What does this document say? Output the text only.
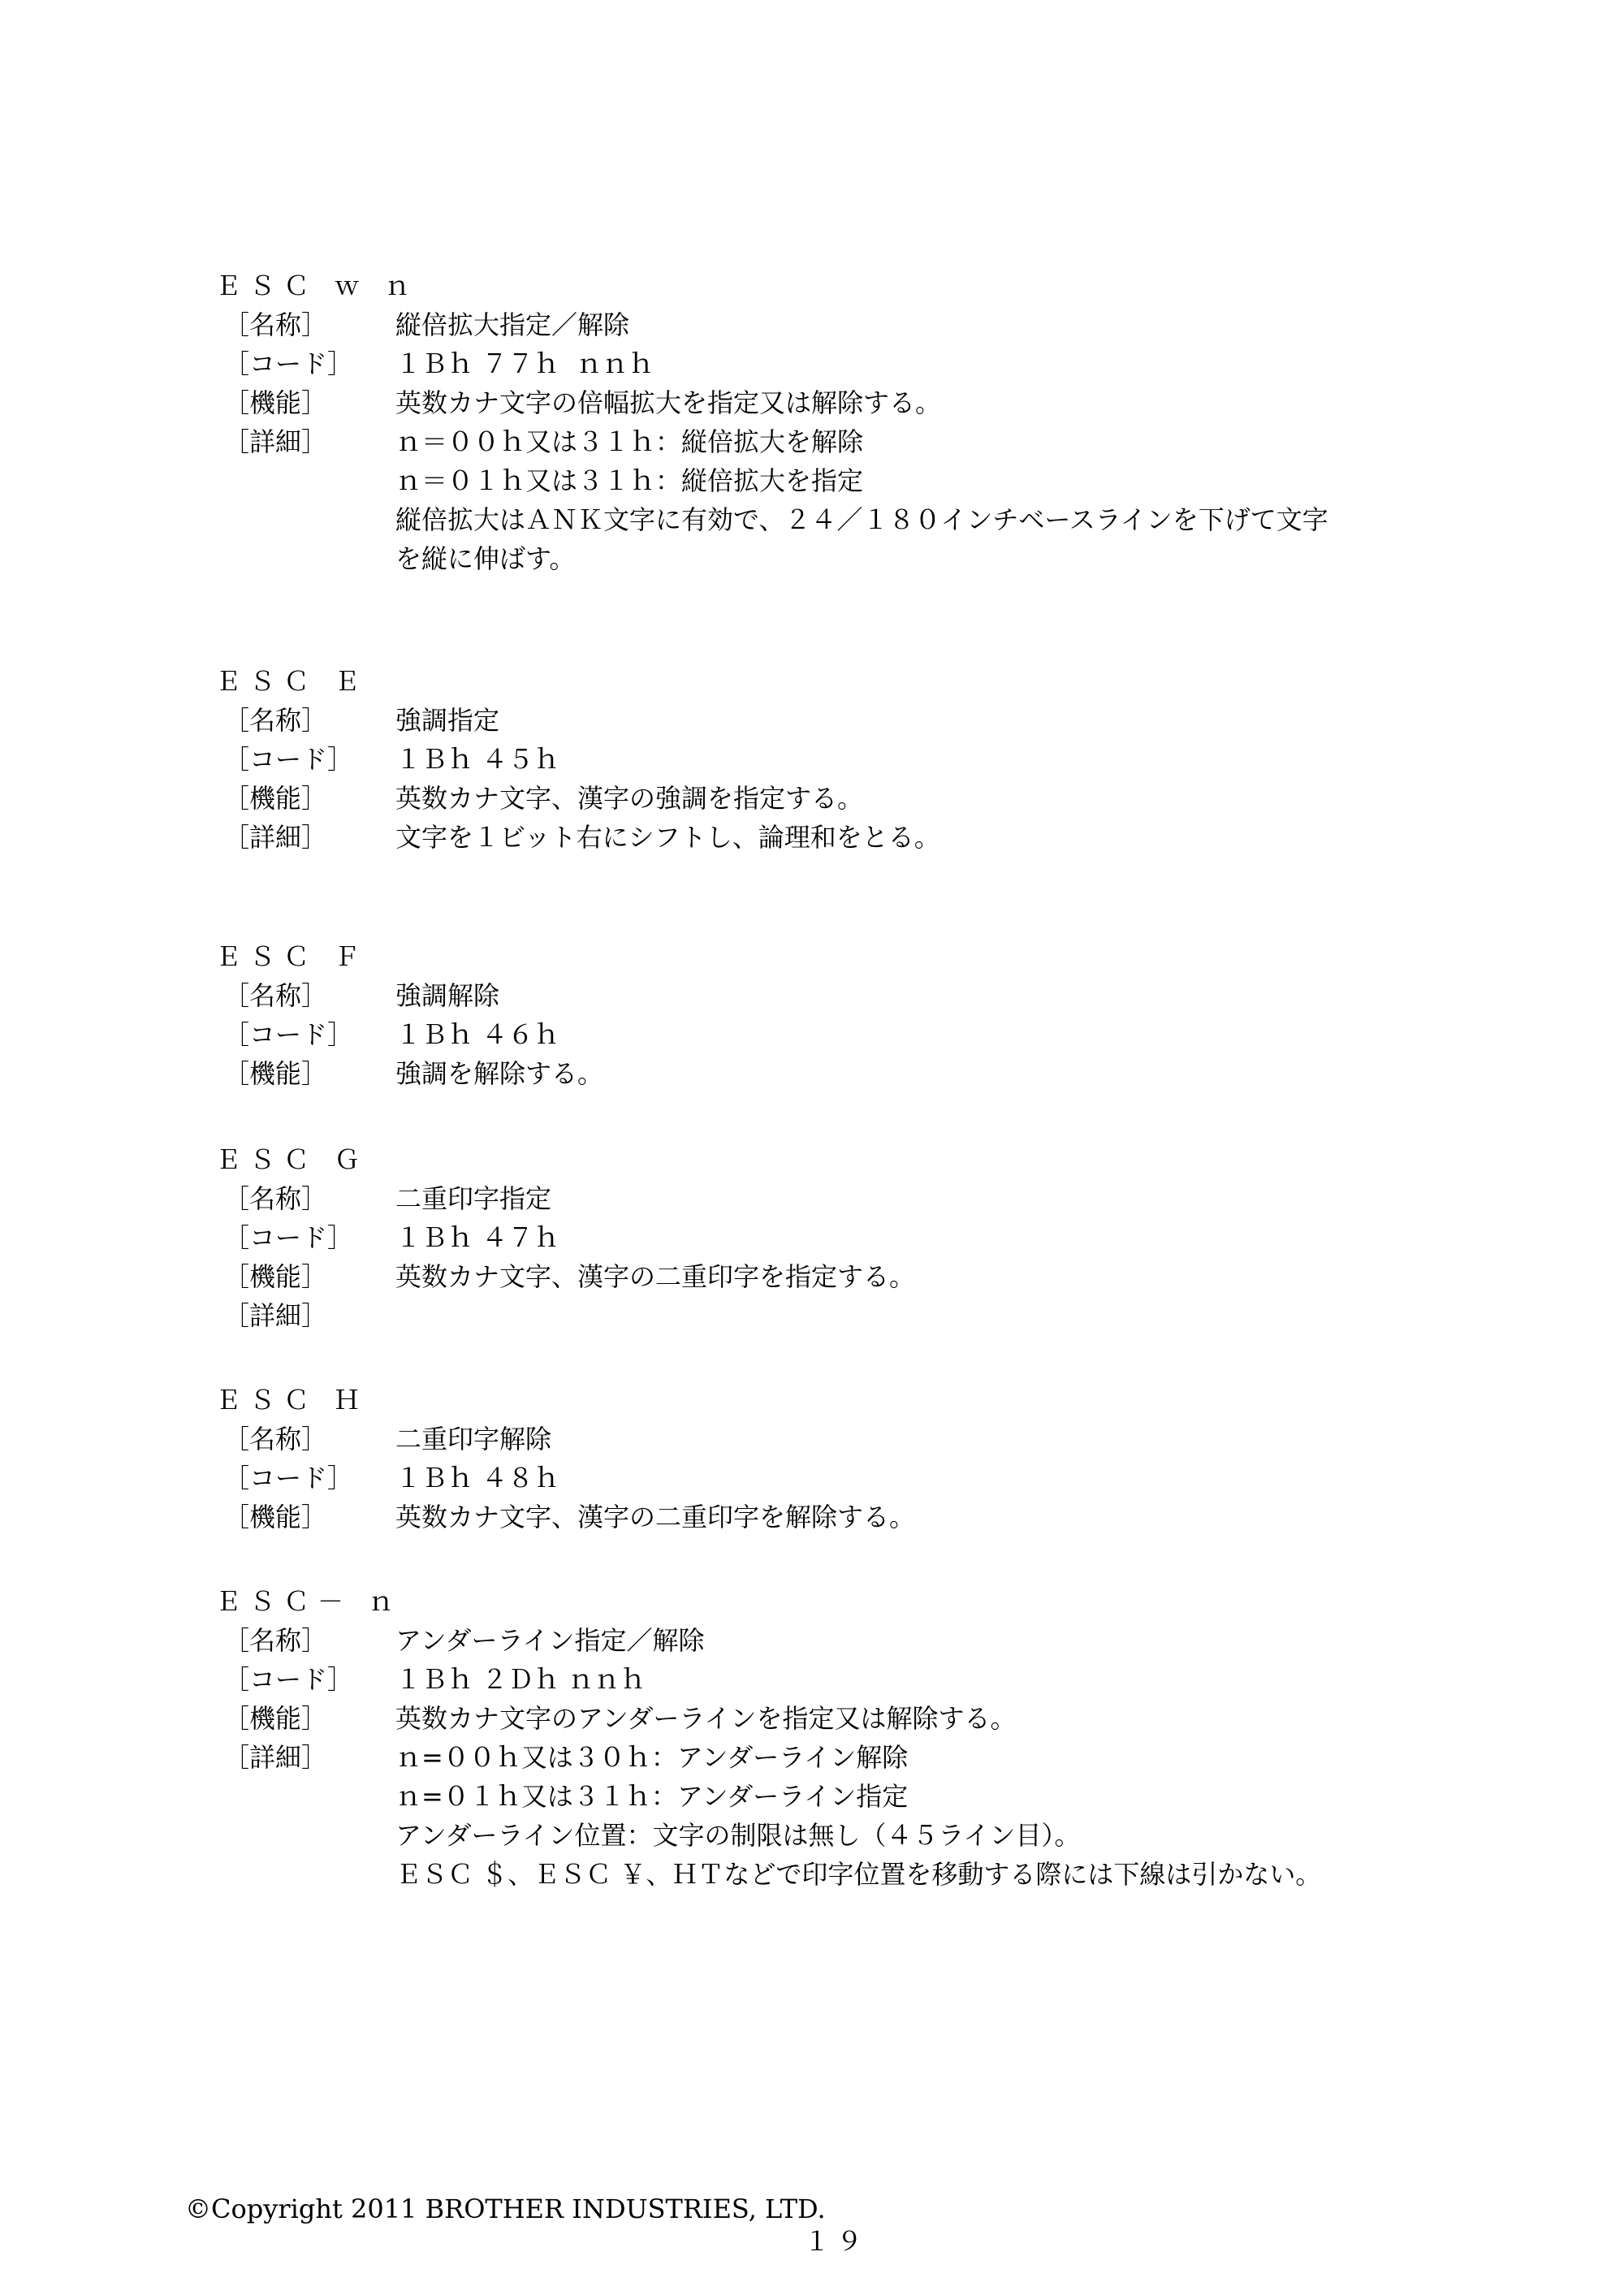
ＥＳＣ ｗ ｎ

［名称］

	縦倍拡大指定／解除

［コード］

	１Ｂｈ ７７ｈ  ｎｎｈ

［機能］

	英数カナ文字の倍幅拡大を指定又は解除する。

［詳細］

	ｎ＝００ｈ又は３１ｈ：縦倍拡大を解除

ｎ＝０１ｈ又は３１ｈ：縦倍拡大を指定
縦倍拡大はＡＮＫ文字に有効で、２４／１８０インチベースラインを下げて文字
を縦に伸ばす。
ＥＳＣ Ｅ

［名称］

	強調指定

［コード］

	１Ｂｈ ４５ｈ

［機能］

	英数カナ文字、漢字の強調を指定する。

［詳細］

	文字を１ビット右にシフトし、論理和をとる。

ＥＳＣ Ｆ

［名称］

	強調解除

［コード］

	１Ｂｈ ４６ｈ

［機能］

	強調を解除する。

ＥＳＣ Ｇ

［名称］

	二重印字指定

［コード］

	１Ｂｈ ４７ｈ

［機能］

	英数カナ文字、漢字の二重印字を指定する。

［詳細］

ＥＳＣ Ｈ

［名称］

	二重印字解除

［コード］

	１Ｂｈ ４８ｈ

［機能］

	英数カナ文字、漢字の二重印字を解除する。

ＥＳＣ－ ｎ

［名称］

	アンダーライン指定／解除

［コード］

	１Ｂｈ ２Ｄｈ ｎｎｈ

［機能］

	英数カナ文字のアンダーラインを指定又は解除する。

［詳細］

	ｎ=００ｈ又は３０ｈ：アンダーライン解除

ｎ=０１ｈ又は３１ｈ：アンダーライン指定
アンダーライン位置：文字の制限は無し（４５ライン目）。
ＥＳＣ ＄、ＥＳＣ ￥、ＨＴなどで印字位置を移動する際には下線は引かない。
©Copyright 2011 BROTHER INDUSTRIES, LTD.
１９
